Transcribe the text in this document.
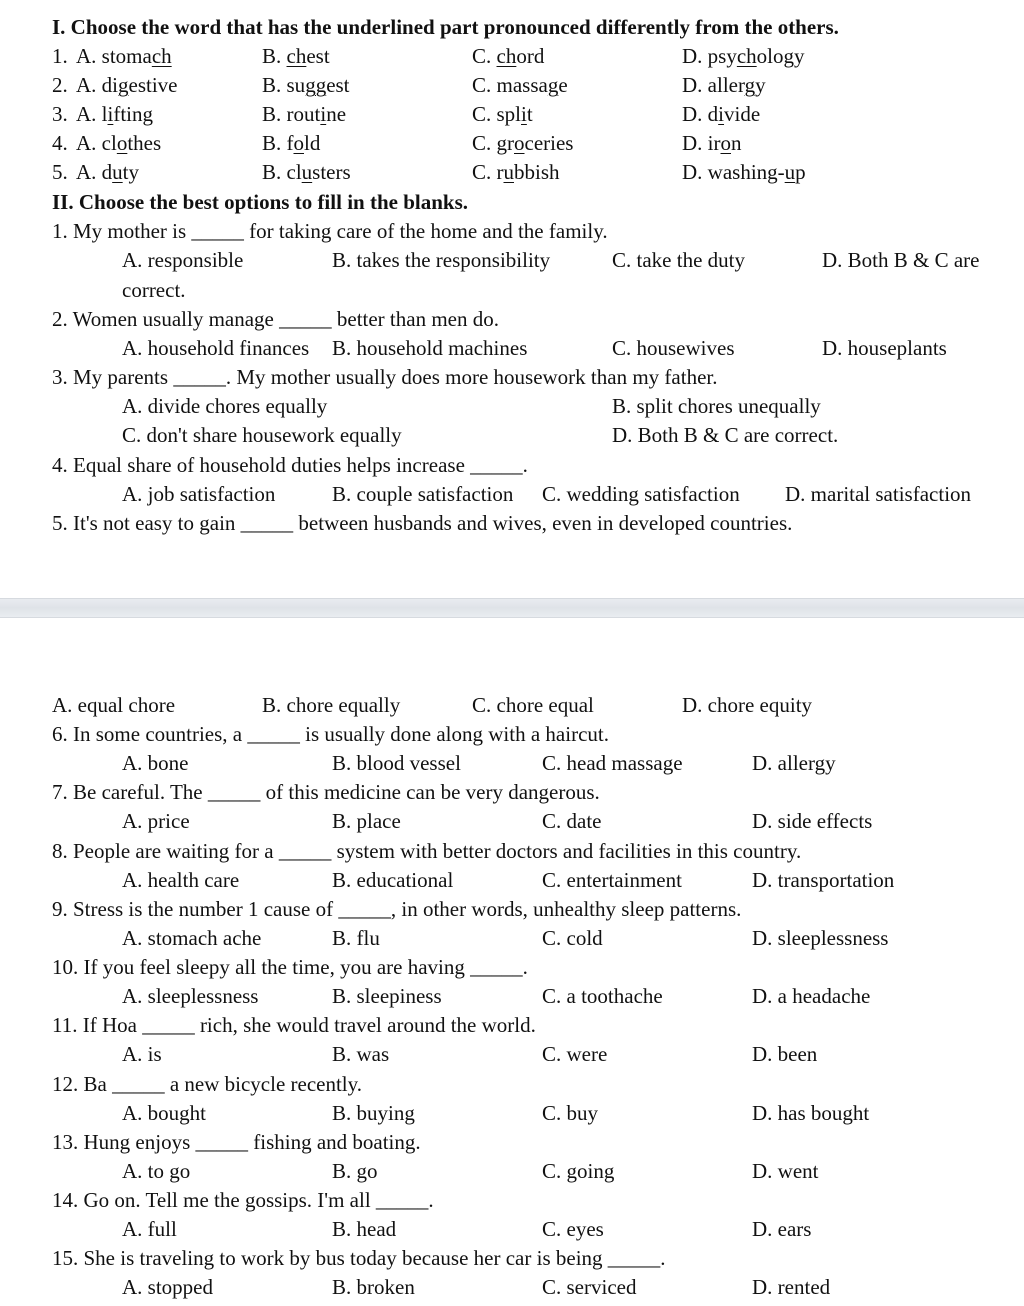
I. Choose the word that has the underlined part pronounced differently from the others.
1. A. stomach	B. chest	C. chord	D. psychology
2. A. digestive	B. suggest	C. massage	D. allergy
3. A. lifting	B. routine	C. split	D. divide
4. A. clothes	B. fold	C. groceries	D. iron
5. A. duty	B. clusters	C. rubbish	D. washing-up
II. Choose the best options to fill in the blanks.
1. My mother is _____ for taking care of the home and the family.
A. responsible	B. takes the responsibility	C. take the duty	D. Both B & C are
correct.
2. Women usually manage _____ better than men do.
A. household finances B. household machines	C. housewives	D. houseplants
3. My parents _____. My mother usually does more housework than my father.
A. divide chores equally	B. split chores unequally
C. don't share housework equally	D. Both B & C are correct.
4. Equal share of household duties helps increase _____.
A. job satisfaction	B. couple satisfaction C. wedding satisfaction D. marital satisfaction
5. It's not easy to gain _____ between husbands and wives, even in developed countries.
A. equal chore	B. chore equally	C. chore equal	D. chore equity
6. In some countries, a _____ is usually done along with a haircut.
A. bone	B. blood vessel	C. head massage	D. allergy
7. Be careful. The _____ of this medicine can be very dangerous.
A. price	B. place	C. date	D. side effects
8. People are waiting for a _____ system with better doctors and facilities in this country.
A. health care	B. educational	C. entertainment	D. transportation
9. Stress is the number 1 cause of _____, in other words, unhealthy sleep patterns.
A. stomach ache	B. flu	C. cold	D. sleeplessness
10. If you feel sleepy all the time, you are having _____.
A. sleeplessness	B. sleepiness	C. a toothache	D. a headache
11. If Hoa _____ rich, she would travel around the world.
A. is	B. was	C. were	D. been
12. Ba _____ a new bicycle recently.
A. bought	B. buying	C. buy	D. has bought
13. Hung enjoys _____ fishing and boating.
A. to go	B. go	C. going	D. went
14. Go on. Tell me the gossips. I'm all _____.
A. full	B. head	C. eyes	D. ears
15. She is traveling to work by bus today because her car is being _____.
A. stopped	B. broken	C. serviced	D. rented
